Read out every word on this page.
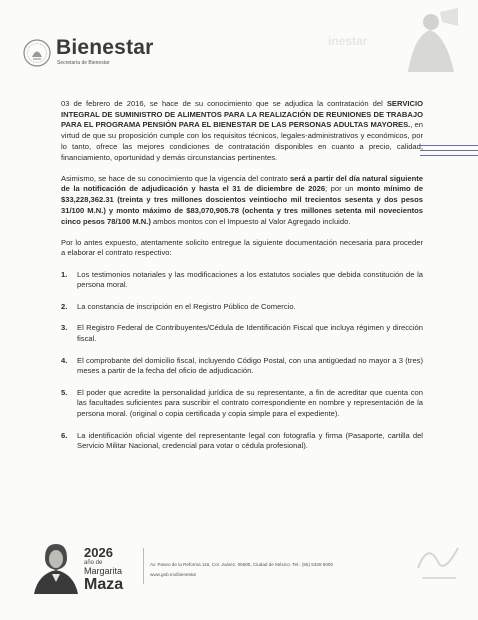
Bienestar
Secretaría de Bienestar
inestar

03 de febrero de 2016, se hace de su conocimiento que se adjudica la contratación del SERVICIO INTEGRAL DE SUMINISTRO DE ALIMENTOS PARA LA REALIZACIÓN DE REUNIONES DE TRABAJO PARA EL PROGRAMA PENSIÓN PARA EL BIENESTAR DE LAS PERSONAS ADULTAS MAYORES., en virtud de que su proposición cumple con los requisitos técnicos, legales-administrativos y económicos, por lo tanto, ofrece las mejores condiciones de contratación disponibles en cuanto a precio, calidad, financiamiento, oportunidad y demás circunstancias pertinentes.

Asimismo, se hace de su conocimiento que la vigencia del contrato será a partir del día natural siguiente de la notificación de adjudicación y hasta el 31 de diciembre de 2026; por un monto mínimo de $33,228,362.31 (treinta y tres millones doscientos veintiocho mil trecientos sesenta y dos pesos 31/100 M.N.) y monto máximo de $83,070,905.78 (ochenta y tres millones setenta mil novecientos cinco pesos 78/100 M.N.) ambos montos con el Impuesto al Valor Agregado incluido.

Por lo antes expuesto, atentamente solicito entregue la siguiente documentación necesaria para proceder a elaborar el contrato respectivo:

1. Los testimonios notariales y las modificaciones a los estatutos sociales que debida constitución de la persona moral.
2. La constancia de inscripción en el Registro Público de Comercio.
3. El Registro Federal de Contribuyentes/Cédula de Identificación Fiscal que incluya régimen y dirección fiscal.
4. El comprobante del domicilio fiscal, incluyendo Código Postal, con una antigüedad no mayor a 3 (tres) meses a partir de la fecha del oficio de adjudicación.
5. El poder que acredite la personalidad jurídica de su representante, a fin de acreditar que cuenta con las facultades suficientes para suscribir el contrato correspondiente en nombre y representación de la persona moral. (original o copia certificada y copia simple para el expediente).
6. La identificación oficial vigente del representante legal con fotografía y firma (Pasaporte, cartilla del Servicio Militar Nacional, credencial para votar o cédula profesional).
2026
año de
Margarita
Maza
Av. Paseo de la Reforma 116, Col. Juárez, 06600, Ciudad de México. Tel.: (55) 5328 5000
www.gob.mx/bienestar
